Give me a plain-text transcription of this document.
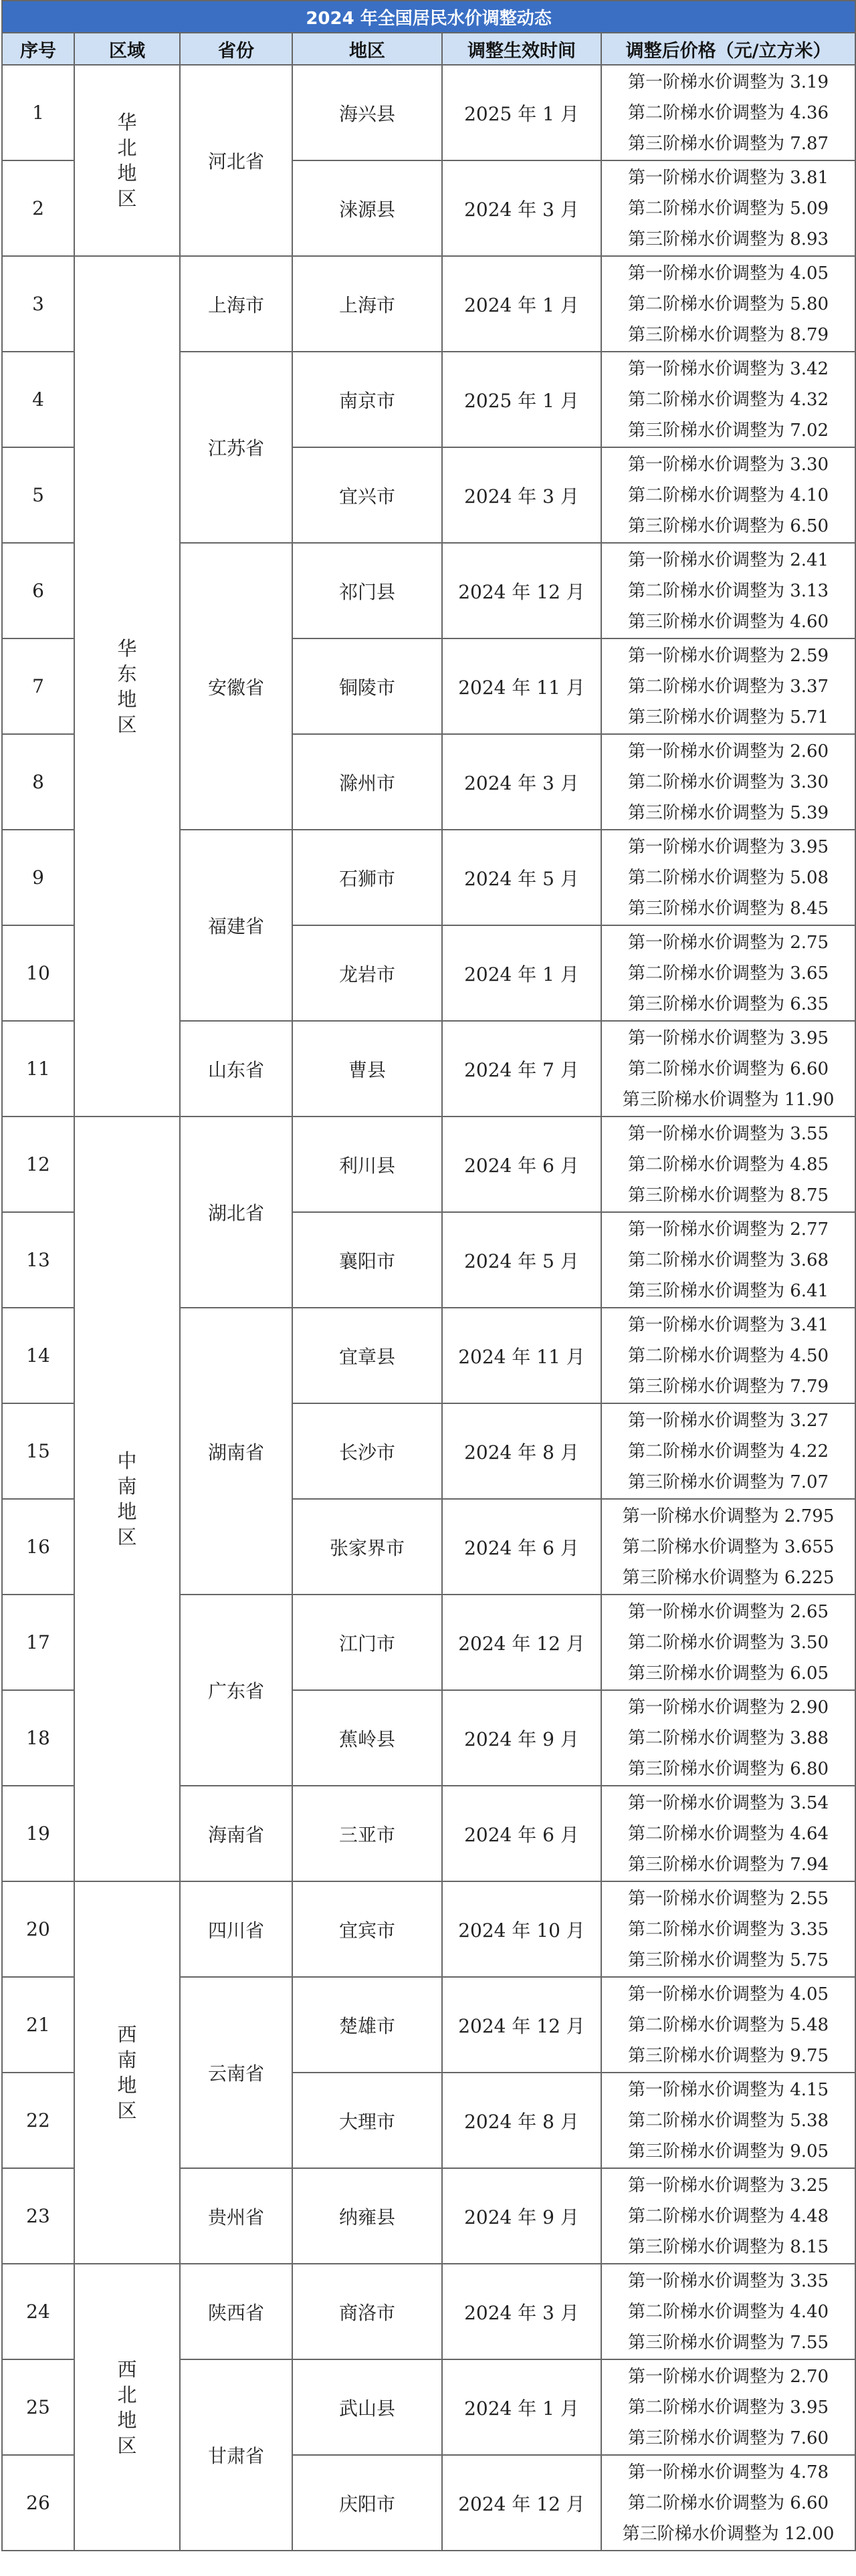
2024 年全国居民水价调整动态					
序号	区域	省份	地区	调整生效时间	调整后价格（元/立方米）
1	华
北
地
区	河北省	海兴县	2025 年 1 月	第一阶梯水价调整为 3.19
第二阶梯水价调整为 4.36
第三阶梯水价调整为 7.87

2			涞源县	2024 年 3 月	第一阶梯水价调整为 3.81
第二阶梯水价调整为 5.09
第三阶梯水价调整为 8.93

3	华
东
地
区	上海市	上海市	2024 年 1 月	第一阶梯水价调整为 4.05
第二阶梯水价调整为 5.80
第三阶梯水价调整为 8.79

4		江苏省	南京市	2025 年 1 月	第一阶梯水价调整为 3.42
第二阶梯水价调整为 4.32
第三阶梯水价调整为 7.02

5			宜兴市	2024 年 3 月	第一阶梯水价调整为 3.30
第二阶梯水价调整为 4.10
第三阶梯水价调整为 6.50

6		安徽省	祁门县	2024 年 12 月	第一阶梯水价调整为 2.41
第二阶梯水价调整为 3.13
第三阶梯水价调整为 4.60

7			铜陵市	2024 年 11 月	第一阶梯水价调整为 2.59
第二阶梯水价调整为 3.37
第三阶梯水价调整为 5.71

8			滁州市	2024 年 3 月	第一阶梯水价调整为 2.60
第二阶梯水价调整为 3.30
第三阶梯水价调整为 5.39

9		福建省	石狮市	2024 年 5 月	第一阶梯水价调整为 3.95
第二阶梯水价调整为 5.08
第三阶梯水价调整为 8.45

10			龙岩市	2024 年 1 月	第一阶梯水价调整为 2.75
第二阶梯水价调整为 3.65
第三阶梯水价调整为 6.35

11		山东省	曹县	2024 年 7 月	第一阶梯水价调整为 3.95
第二阶梯水价调整为 6.60
第三阶梯水价调整为 11.90

12	中
南
地
区	湖北省	利川县	2024 年 6 月	第一阶梯水价调整为 3.55
第二阶梯水价调整为 4.85
第三阶梯水价调整为 8.75

13			襄阳市	2024 年 5 月	第一阶梯水价调整为 2.77
第二阶梯水价调整为 3.68
第三阶梯水价调整为 6.41

14		湖南省	宜章县	2024 年 11 月	第一阶梯水价调整为 3.41
第二阶梯水价调整为 4.50
第三阶梯水价调整为 7.79

15			长沙市	2024 年 8 月	第一阶梯水价调整为 3.27
第二阶梯水价调整为 4.22
第三阶梯水价调整为 7.07

16			张家界市	2024 年 6 月	第一阶梯水价调整为 2.795
第二阶梯水价调整为 3.655
第三阶梯水价调整为 6.225

17		广东省	江门市	2024 年 12 月	第一阶梯水价调整为 2.65
第二阶梯水价调整为 3.50
第三阶梯水价调整为 6.05

18			蕉岭县	2024 年 9 月	第一阶梯水价调整为 2.90
第二阶梯水价调整为 3.88
第三阶梯水价调整为 6.80

19		海南省	三亚市	2024 年 6 月	第一阶梯水价调整为 3.54
第二阶梯水价调整为 4.64
第三阶梯水价调整为 7.94

20	西
南
地
区	四川省	宜宾市	2024 年 10 月	第一阶梯水价调整为 2.55
第二阶梯水价调整为 3.35
第三阶梯水价调整为 5.75

21		云南省	楚雄市	2024 年 12 月	第一阶梯水价调整为 4.05
第二阶梯水价调整为 5.48
第三阶梯水价调整为 9.75

22			大理市	2024 年 8 月	第一阶梯水价调整为 4.15
第二阶梯水价调整为 5.38
第三阶梯水价调整为 9.05

23		贵州省	纳雍县	2024 年 9 月	第一阶梯水价调整为 3.25
第二阶梯水价调整为 4.48
第三阶梯水价调整为 8.15

24	西
北
地
区	陕西省	商洛市	2024 年 3 月	第一阶梯水价调整为 3.35
第二阶梯水价调整为 4.40
第三阶梯水价调整为 7.55

25		甘肃省	武山县	2024 年 1 月	第一阶梯水价调整为 2.70
第二阶梯水价调整为 3.95
第三阶梯水价调整为 7.60

26			庆阳市	2024 年 12 月	第一阶梯水价调整为 4.78
第二阶梯水价调整为 6.60
第三阶梯水价调整为 12.00
